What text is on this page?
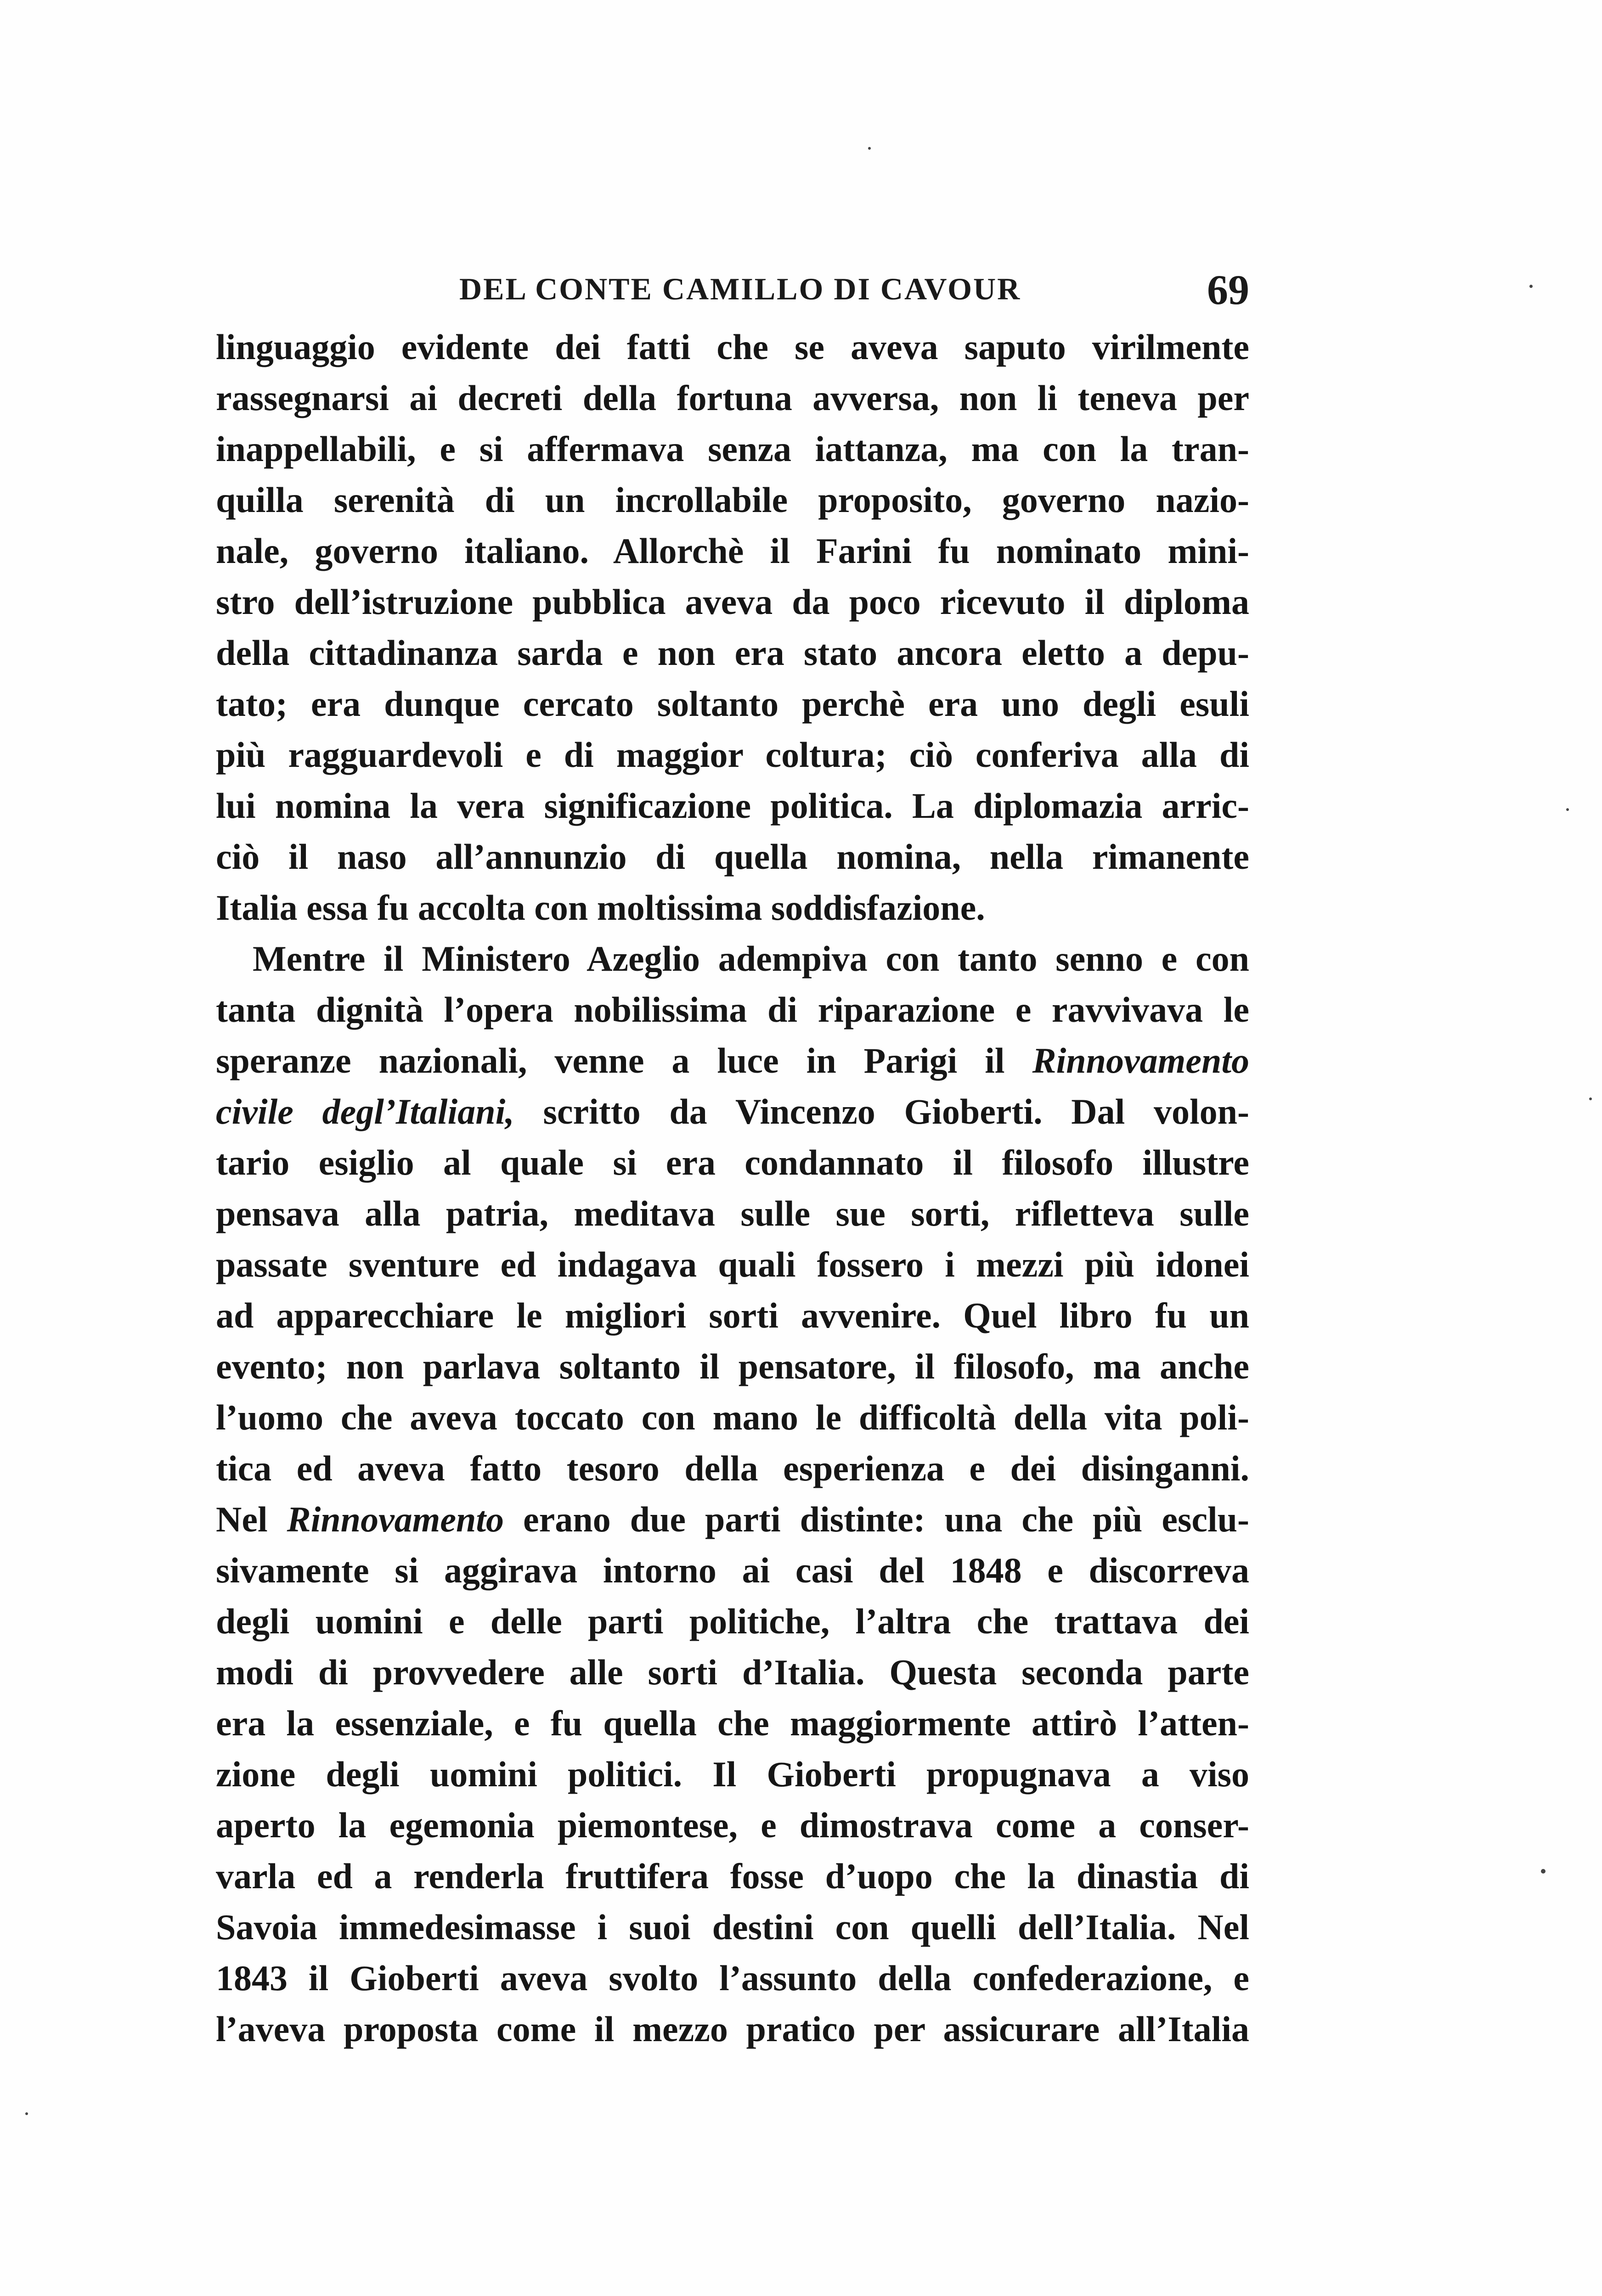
DEL CONTE CAMILLO DI CAVOUR	69
linguaggio evidente dei fatti che se aveva saputo virilmente
rassegnarsi ai decreti della fortuna avversa, non li teneva per
inappellabili, e si affermava senza iattanza, ma con la tran-
quilla serenità di un incrollabile proposito, governo nazio-
nale, governo italiano. Allorchè il Farini fu nominato mini-
stro dell’istruzione pubblica aveva da poco ricevuto il diploma
della cittadinanza sarda e non era stato ancora eletto a depu-
tato; era dunque cercato soltanto perchè era uno degli esuli
più ragguardevoli e di maggior coltura; ciò conferiva alla di
lui nomina la vera significazione politica. La diplomazia arric-
ciò il naso all’annunzio di quella nomina, nella rimanente
Italia essa fu accolta con moltissima soddisfazione.
Mentre il Ministero Azeglio adempiva con tanto senno e con
tanta dignità l’opera nobilissima di riparazione e ravvivava le
speranze nazionali, venne a luce in Parigi il Rinnovamento
civile degl’Italiani, scritto da Vincenzo Gioberti. Dal volon-
tario esiglio al quale si era condannato il filosofo illustre
pensava alla patria, meditava sulle sue sorti, rifletteva sulle
passate sventure ed indagava quali fossero i mezzi più idonei
ad apparecchiare le migliori sorti avvenire. Quel libro fu un
evento; non parlava soltanto il pensatore, il filosofo, ma anche
l’uomo che aveva toccato con mano le difficoltà della vita poli-
tica ed aveva fatto tesoro della esperienza e dei disinganni.
Nel Rinnovamento erano due parti distinte: una che più esclu-
sivamente si aggirava intorno ai casi del 1848 e discorreva
degli uomini e delle parti politiche, l’altra che trattava dei
modi di provvedere alle sorti d’Italia. Questa seconda parte
era la essenziale, e fu quella che maggiormente attirò l’atten-
zione degli uomini politici. Il Gioberti propugnava a viso
aperto la egemonia piemontese, e dimostrava come a conser-
varla ed a renderla fruttifera fosse d’uopo che la dinastia di
Savoia immedesimasse i suoi destini con quelli dell’Italia. Nel
1843 il Gioberti aveva svolto l’assunto della confederazione, e
l’aveva proposta come il mezzo pratico per assicurare all’Italia
